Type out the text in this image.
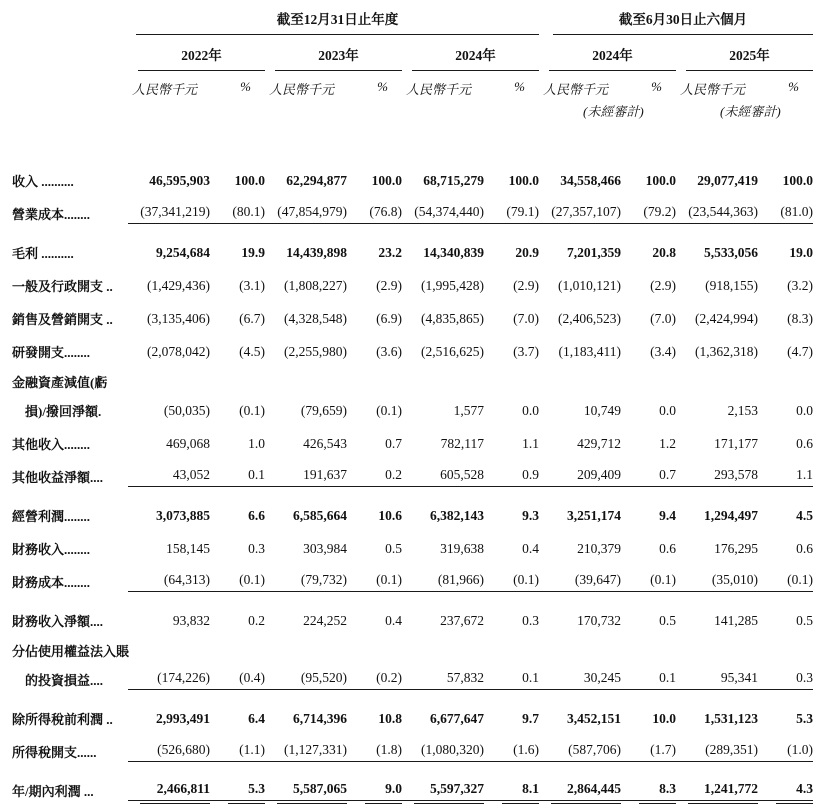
截至12月31日止年度	截至6月30日止六個月
2022年	2023年	2024年	2024年	2025年
人民幣千元	%	人民幣千元	%	人民幣千元	%	人民幣千元	%	人民幣千元	%
(未經審計)	(未經審計)
收入 ..........	46,595,903	100.0	62,294,877	100.0	68,715,279	100.0	34,558,466	100.0	29,077,419	100.0
營業成本........	(37,341,219)	(80.1) (47,854,979)	(76.8) (54,374,440)	(79.1) (27,357,107)	(79.2) (23,544,363)	(81.0)
毛利 ..........	9,254,684	19.9	14,439,898	23.2	14,340,839	20.9	7,201,359	20.8	5,533,056	19.0
一般及行政開支 ..	(1,429,436)	(3.1)	(1,808,227)	(2.9)	(1,995,428)	(2.9)	(1,010,121)	(2.9)	(918,155)	(3.2)
銷售及營銷開支 ..	(3,135,406)	(6.7)	(4,328,548)	(6.9)	(4,835,865)	(7.0)	(2,406,523)	(7.0)	(2,424,994)	(8.3)
研發開支........	(2,078,042)	(4.5)	(2,255,980)	(3.6)	(2,516,625)	(3.7)	(1,183,411)	(3.4)	(1,362,318)	(4.7)
金融資產減值(虧
損)/撥回淨額.	(50,035)	(0.1)	(79,659)	(0.1)	1,577	0.0	10,749	0.0	2,153	0.0
其他收入........	469,068	1.0	426,543	0.7	782,117	1.1	429,712	1.2	171,177	0.6
其他收益淨額....	43,052	0.1	191,637	0.2	605,528	0.9	209,409	0.7	293,578	1.1
經營利潤........	3,073,885	6.6	6,585,664	10.6	6,382,143	9.3	3,251,174	9.4	1,294,497	4.5
財務收入........	158,145	0.3	303,984	0.5	319,638	0.4	210,379	0.6	176,295	0.6
財務成本........	(64,313)	(0.1)	(79,732)	(0.1)	(81,966)	(0.1)	(39,647)	(0.1)	(35,010)	(0.1)
財務收入淨額....	93,832	0.2	224,252	0.4	237,672	0.3	170,732	0.5	141,285	0.5
分佔使用權益法入賬
的投資損益....	(174,226)	(0.4)	(95,520)	(0.2)	57,832	0.1	30,245	0.1	95,341	0.3
除所得稅前利潤 ..	2,993,491	6.4	6,714,396	10.8	6,677,647	9.7	3,452,151	10.0	1,531,123	5.3
所得稅開支......	(526,680)	(1.1)	(1,127,331)	(1.8)	(1,080,320)	(1.6)	(587,706)	(1.7)	(289,351)	(1.0)
年/期內利潤 ...	2,466,811	5.3	5,587,065	9.0	5,597,327	8.1	2,864,445	8.3	1,241,772	4.3
